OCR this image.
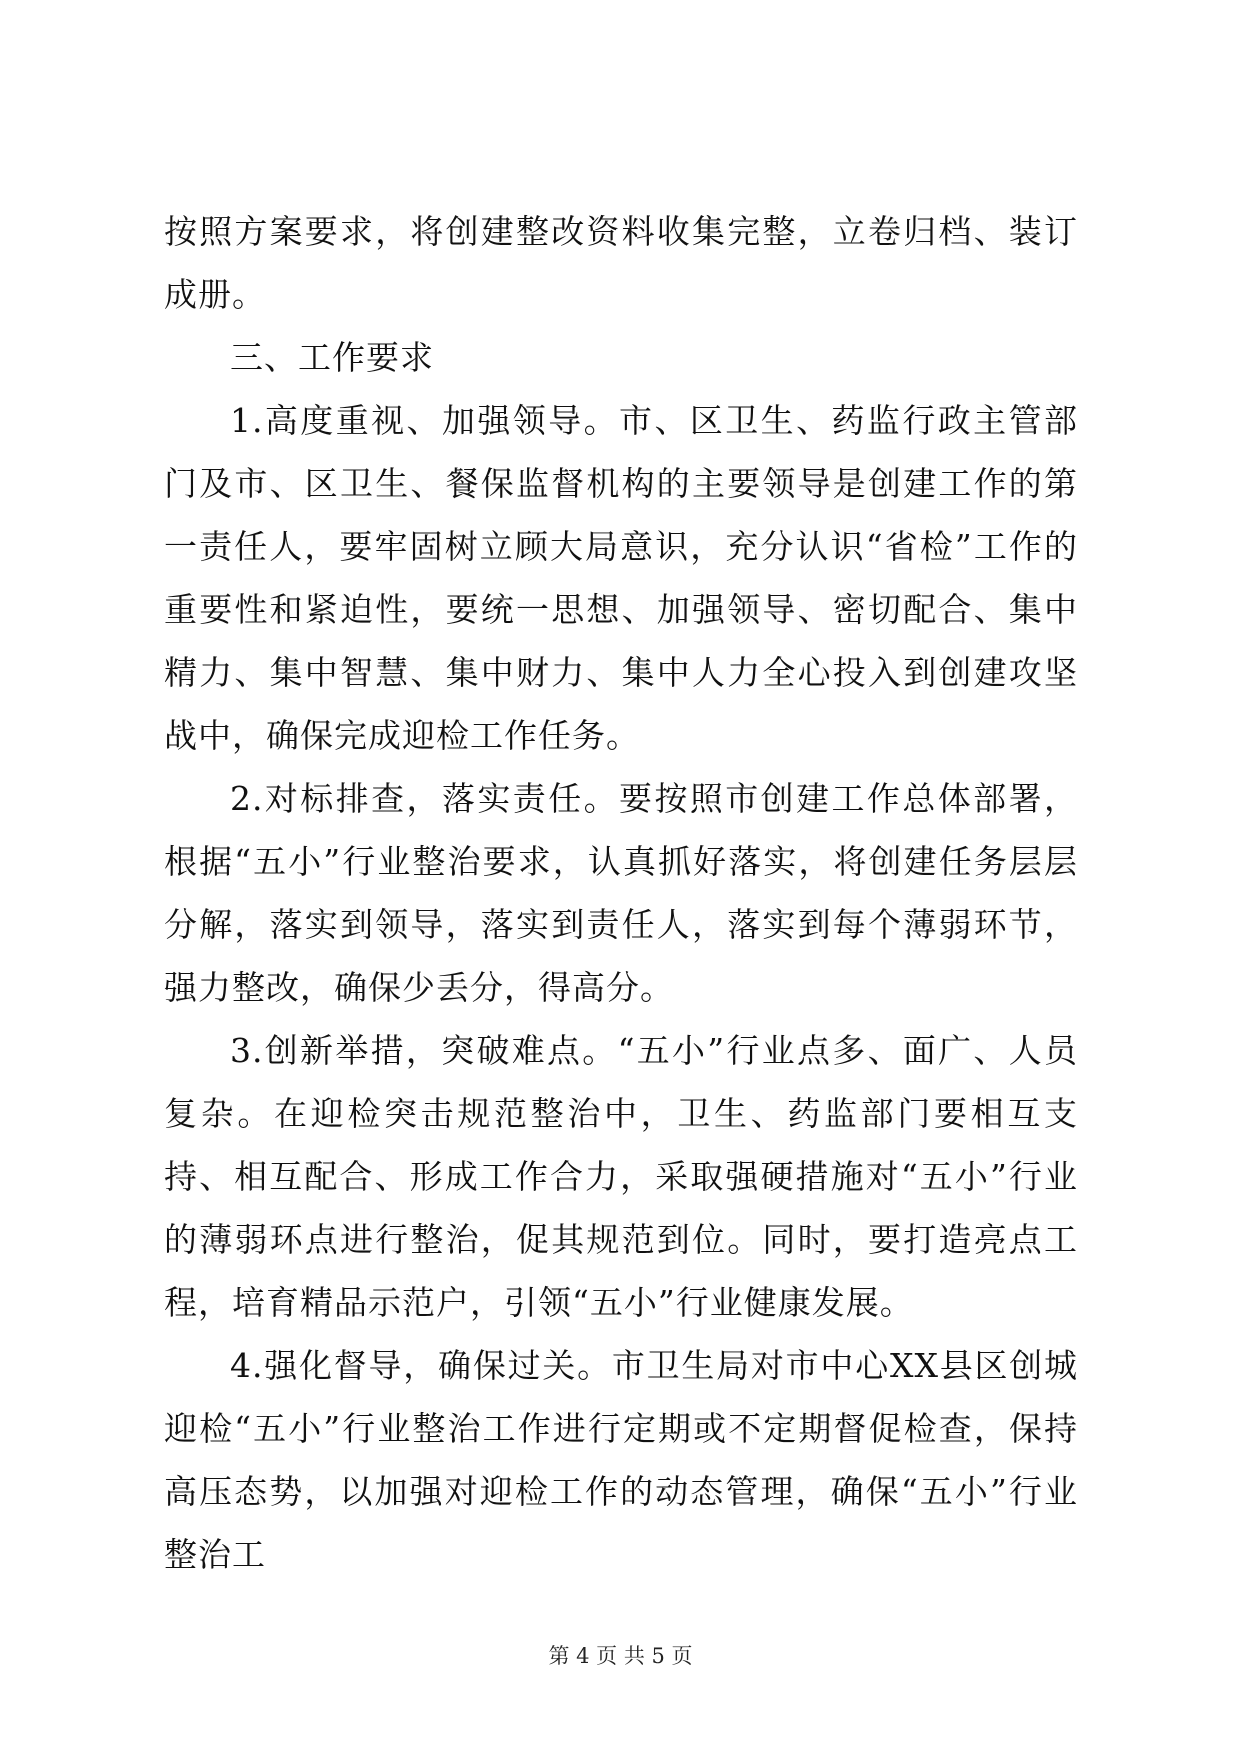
按照方案要求，将创建整改资料收集完整，立卷归档、装订成册。

三、工作要求

1.高度重视、加强领导。市、区卫生、药监行政主管部门及市、区卫生、餐保监督机构的主要领导是创建工作的第一责任人，要牢固树立顾大局意识，充分认识“省检”工作的重要性和紧迫性，要统一思想、加强领导、密切配合、集中精力、集中智慧、集中财力、集中人力全心投入到创建攻坚战中，确保完成迎检工作任务。

2.对标排查，落实责任。要按照市创建工作总体部署，根据“五小”行业整治要求，认真抓好落实，将创建任务层层分解，落实到领导，落实到责任人，落实到每个薄弱环节，强力整改，确保少丢分，得高分。

3.创新举措，突破难点。“五小”行业点多、面广、人员复杂。在迎检突击规范整治中，卫生、药监部门要相互支持、相互配合、形成工作合力，采取强硬措施对“五小”行业的薄弱环点进行整治，促其规范到位。同时，要打造亮点工程，培育精品示范户，引领“五小”行业健康发展。

4.强化督导，确保过关。市卫生局对市中心XX县区创城迎检“五小”行业整治工作进行定期或不定期督促检查，保持高压态势，以加强对迎检工作的动态管理，确保“五小”行业整治工

第 4 页 共 5 页
